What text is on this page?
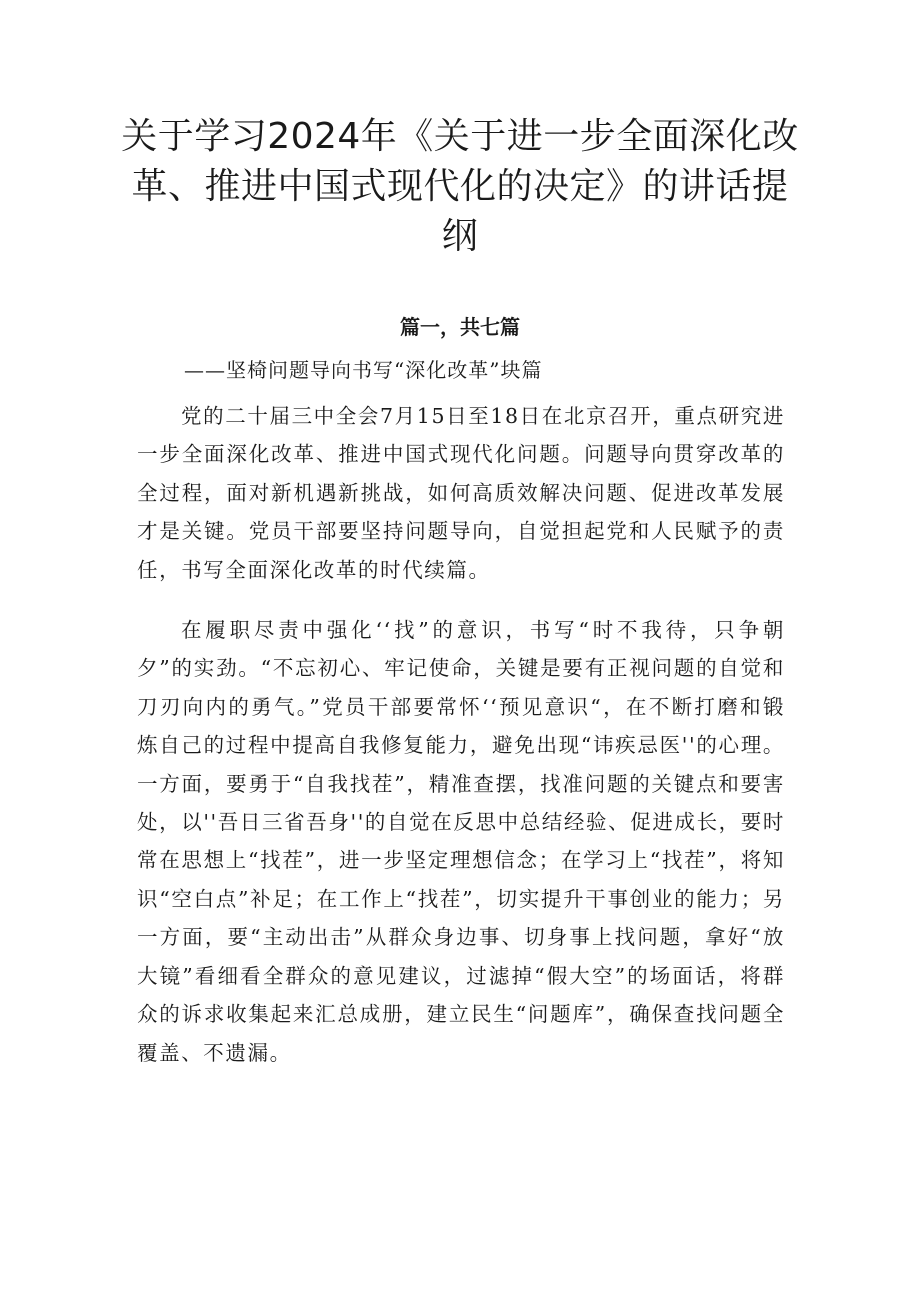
关于学习2024年《关于进一步全面深化改革、推进中国式现代化的决定》的讲话提纲
篇一，共七篇
——坚椅问题导向书写“深化改革”块篇

党的二十届三中全会7月15日至18日在北京召开，重点研究进一步全面深化改革、推进中国式现代化问题。问题导向贯穿改革的全过程，面对新机遇新挑战，如何高质效解决问题、促进改革发展才是关键。党员干部要坚持问题导向，自觉担起党和人民赋予的责任，书写全面深化改革的时代续篇。

在履职尽责中强化‘‘找”的意识，书写“时不我待，只争朝夕”的实劲。“不忘初心、牢记使命，关键是要有正视问题的自觉和刀刃向内的勇气。”党员干部要常怀‘‘预见意识“，在不断打磨和锻炼自己的过程中提高自我修复能力，避免出现“讳疾忌医''的心理。一方面，要勇于“自我找茬”，精准查摆，找准问题的关键点和要害处，以''吾日三省吾身''的自觉在反思中总结经验、促进成长，要时常在思想上“找茬”，进一步坚定理想信念；在学习上“找茬”，将知识“空白点”补足；在工作上“找茬”，切实提升干事创业的能力；另一方面，要“主动出击”从群众身边事、切身事上找问题，拿好“放大镜”看细看全群众的意见建议，过滤掉“假大空”的场面话，将群众的诉求收集起来汇总成册，建立民生“问题库”，确保查找问题全覆盖、不遗漏。
